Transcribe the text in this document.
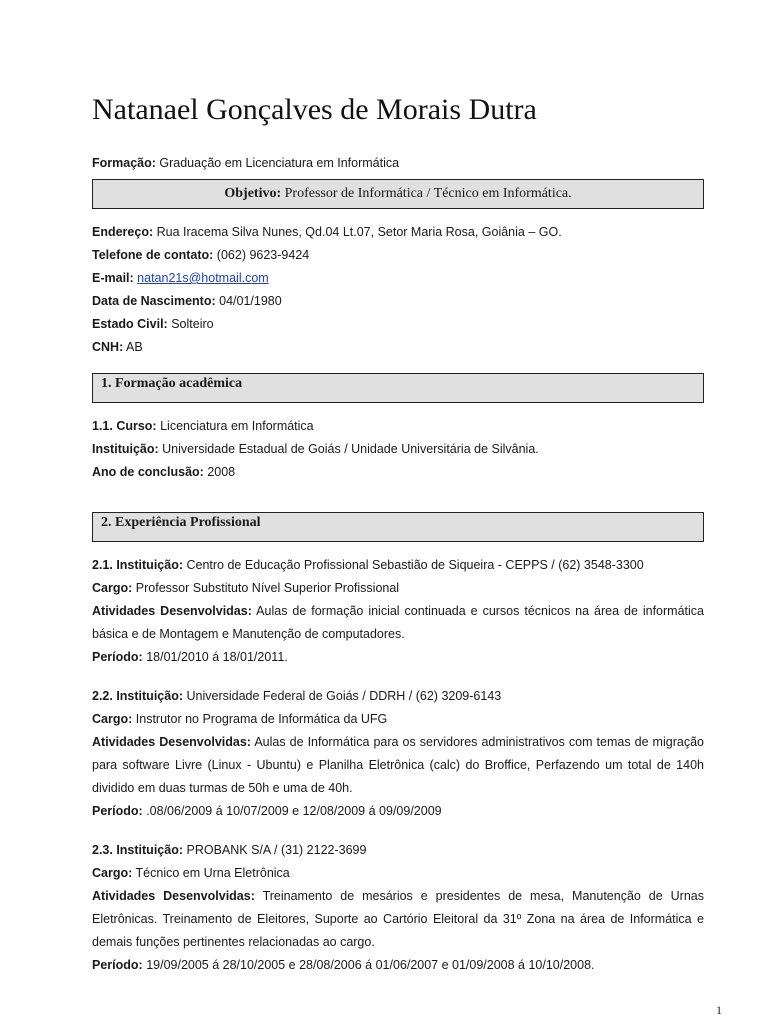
Natanael Gonçalves de Morais Dutra

Formação: Graduação em Licenciatura em Informática

Objetivo: Professor de Informática / Técnico em Informática.

Endereço: Rua Iracema Silva Nunes, Qd.04 Lt.07, Setor Maria Rosa, Goiânia – GO.

Telefone de contato: (062) 9623-9424

E-mail: natan21s@hotmail.com

Data de Nascimento: 04/01/1980

Estado Civil: Solteiro

CNH: AB

1. Formação acadêmica

1.1. Curso: Licenciatura em Informática

Instituição: Universidade Estadual de Goiás / Unidade Universitária de Silvânia.

Ano de conclusão: 2008

2. Experiência Profissional

2.1. Instituição: Centro de Educação Profissional Sebastião de Siqueira - CEPPS / (62) 3548-3300

Cargo: Professor Substituto Nível Superior Profissional

Atividades Desenvolvidas: Aulas de formação inicial continuada e cursos técnicos na área de informática básica e de Montagem e Manutenção de computadores.

Período: 18/01/2010 á 18/01/2011.

2.2. Instituição: Universidade Federal de Goiás / DDRH / (62) 3209-6143

Cargo: Instrutor no Programa de Informática da UFG

Atividades Desenvolvidas: Aulas de Informática para os servidores administrativos com temas de migração para software Livre (Linux - Ubuntu) e Planilha Eletrônica (calc) do Broffice, Perfazendo um total de 140h dividido em duas turmas de 50h e uma de 40h.

Período: .08/06/2009 á 10/07/2009 e 12/08/2009 á 09/09/2009

2.3. Instituição: PROBANK S/A / (31) 2122-3699

Cargo: Técnico em Urna Eletrônica

Atividades Desenvolvidas: Treinamento de mesários e presidentes de mesa, Manutenção de Urnas Eletrônicas. Treinamento de Eleitores, Suporte ao Cartório Eleitoral da 31º Zona na área de Informática e demais funções pertinentes relacionadas ao cargo.

Período: 19/09/2005 á 28/10/2005 e 28/08/2006 á 01/06/2007 e 01/09/2008 á 10/10/2008.

1
